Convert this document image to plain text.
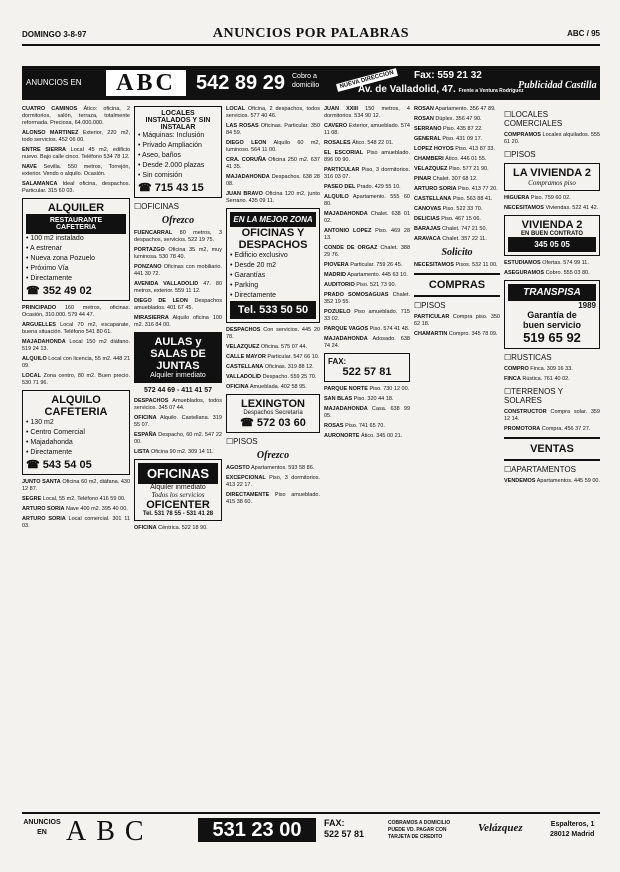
DOMINGO 3-8-97	ANUNCIOS POR PALABRAS	ABC / 95
ANUNCIOS EN	ABC	542 89 29 Cobro a domicilio	NUEVA DIRECCION	Fax: 559 21 32
Av. de Valladolid, 47. Frente a Ventura Rodríguez
Publicidad Castilla
CUATRO CAMINOS Ático: oficina, 2 dormitorios, salón, terraza, totalmente reformada. Preciosa, 64.000.000.
ALONSO MARTINEZ Exterior, 220 m2, todo servicios. 452 06 00.
ENTRE SIERRA Local 45 m2, edificio nuevo. Bajo calle cinco. Teléfono 534 78 12.
NAVE Sevilla. 550 metros, Torrejón, exterior. Vendo o alquilo. Ocasión.
SALAMANCA Ideal oficina, despachos. Particular. 315 60 03.
ALQUILER
RESTAURANTE CAFETERIA
• 100 m2 instalado
• A estrenar
• Nueva zona Pozuelo
• Próximo Vía
• Directamente
☎ 352 49 02
PRINCIPADO 160 metros, oficinas. Ocasión, 310.000. 579 44 47.
ARGUELLES Local 70 m2, escaparate, buena situación. Teléfono 541 80 61.
MAJADAHONDA Local 150 m2 diáfano. 519 24 13.
ALQUILO Local con licencia, 55 m2. 448 21 09.
LOCAL Zona centro, 80 m2. Buen precio. 530 71 96.
ALQUILO
CAFETERIA
• 130 m2
• Centro Comercial
• Majadahonda
• Directamente
☎ 543 54 05
JUNTO SANTA Oficina 60 m2, diáfana. 430 12 87.
SEGRE Local, 55 m2. Teléfono 416 59 00.
ARTURO SORIA Nave 400 m2. 395 40 00.
ARTURO SORIA Local comercial. 301 11 03.
LOCALES INSTALADOS Y SIN INSTALAR
• Máquinas: Inclusión
• Privado Ampliación
• Aseo, baños
• Desde 2.000 plazas
• Sin comisión
☎ 715 43 15
☐ OFICINAS
Ofrezco
FUENCARRAL 80 metros, 3 despachos, servicios. 522 19 75.
PORTAZGO Oficina 35 m2, muy luminosa. 530 78 40.
PONZANO Oficinas con mobiliario. 441 30 72.
AVENIDA VALLADOLID 47. 80 metros, exterior. 559 11 12.
DIEGO DE LEON Despachos amueblados. 401 67 45.
MIRASIERRA Alquilo oficina 100 m2. 316 84 00.
AULAS y SALAS DE JUNTAS
Alquiler inmediato
572 44 69 - 411 41 57
DESPACHOS Amueblados, todos servicios. 345 07 44.
OFICINA Alquilo. Castellana. 319 55 07.
ESPAÑA Despacho, 60 m2. 547 22 00.
LISTA Oficina 90 m2. 309 14 11.
OFICINAS
Alquiler inmediato
Todos los servicios
OFICENTER
Tel. 531 78 55 - 531 41 28
OFICINA Céntrica. 522 18 90.
LOCAL Oficina, 2 despachos, todos servicios. 577 40 46.
LAS ROSAS Oficinas. Particular. 350 84 59.
DIEGO LEON Alquilo 60 m2, luminoso. 564 11 00.
CRA. CORUÑA Oficina 250 m2. 637 41 35.
MAJADAHONDA Despachos. 638 28 08.
JUAN BRAVO Oficina 120 m2, junto Serrano. 435 09 11.
EN LA MEJOR ZONA
OFICINAS Y DESPACHOS
• Edificio exclusivo
• Desde 20 m2
• Garantías
• Parking
• Directamente
Tel. 533 50 50
DESPACHOS Con servicios. 445 20 78.
VELAZQUEZ Oficina. 575 07 44.
CALLE MAYOR Particular. 547 66 10.
CASTELLANA Oficinas. 319 88 12.
VALLADOLID Despacho. 559 25 70.
OFICINA Amueblada. 402 58 95.
LEXINGTON
Despachos Secretaría
☎ 572 03 60
☐ PISOS
Ofrezco
AGOSTO Apartamentos. 593 58 86.
EXCEPCIONAL Piso, 3 dormitorios. 413 22 17.
DIRECTAMENTE Piso amueblado. 415 38 60.
JUAN XXIII 150 metros, 4 dormitorios. 534 90 12.
CAVERO Exterior, amueblado. 574 11 08.
ROSALES Ático. 548 22 01.
EL ESCORIAL Piso amueblado. 896 00 90.
PARTICULAR Piso, 3 dormitorios. 316 03 07.
PASEO DEL Prado. 429 55 10.
ALQUILO Apartamento. 555 60 80.
MAJADAHONDA Chalet. 638 01 02.
ANTONIO LOPEZ Piso. 469 28 13.
CONDE DE ORGAZ Chalet. 388 29 76.
PIOVERA Particular. 759 26 45.
MADRID Apartamento. 445 63 10.
AUDITORIO Piso. 521 73 90.
PRADO SOMOSAGUAS Chalet. 352 19 55.
POZUELO Piso amueblado. 715 33 02.
PARQUE VAGOS Piso. 574 41 48.
MAJADAHONDA Adosado. 638 74 24.
FAX:
522 57 81
PARQUE NORTE Piso. 730 12 00.
SAN BLAS Piso. 320 44 18.
MAJADAHONDA Casa. 638 99 05.
ROSAS Piso. 741 65 70.
AURONORTE Ático. 345 00 21.
ROSAN Apartamento. 356 47 89.
ROSAN Dúplex. 356 47 90.
SERRANO Piso. 435 87 22.
GENERAL Piso. 431 09 17.
LOPEZ HOYOS Piso. 413 87 33.
CHAMBERI Ático. 446 01 55.
VELAZQUEZ Piso. 577 21 90.
PINAR Chalet. 307 68 12.
ARTURO SORIA Piso. 413 77 20.
CASTELLANA Piso. 563 88 41.
CANOVAS Piso. 522 33 70.
DELICIAS Piso. 467 15 06.
BARAJAS Chalet. 747 21 50.
ARAVACA Chalet. 357 22 11.
Solicito
NECESITAMOS Pisos. 532 11 00.
COMPRAS
☐ PISOS
PARTICULAR Compra piso. 350 62 18.
CHAMARTIN Compro. 345 78 09.
☐ LOCALES COMERCIALES
COMPRAMOS Locales alquilados. 555 61 20.
☐ PISOS
LA VIVIENDA 2
Compramos piso
HIGUERA Piso. 759 60 02.
NECESITAMOS Viviendas. 522 41 42.
VIVIENDA 2
EN BUEN CONTRATO
345 05 05
ESTUDIAMOS Ofertas. 574 99 11.
ASEGURAMOS Cobro. 555 03 80.
TRANSPISA
1989
Garantía de
buen servicio
519 65 92
☐ RUSTICAS
COMPRO Finca. 309 16 33.
FINCA Rústica. 761 40 02.
☐ TERRENOS Y SOLARES
CONSTRUCTOR Compra solar. 359 12 14.
PROMOTORA Compra. 456 37 27.
VENTAS
☐ APARTAMENTOS
VENDEMOS Apartamentos. 445 59 00.
ANUNCIOS EN ABC	531 23 00	FAX:
522 57 81
COBRAMOS A DOMICILIO PUEDE VD. PAGAR CON TARJETA DE CREDITO
Velázquez	Espalteros, 1
28012 Madrid
